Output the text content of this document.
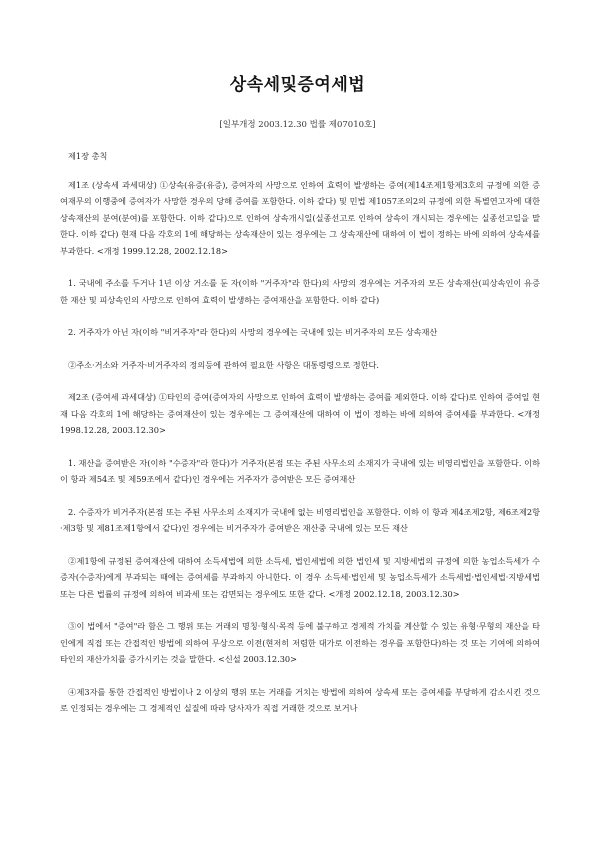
상속세및증여세법
[일부개정 2003.12.30 법률 제07010호]

제1장 총칙

제1조 (상속세 과세대상) ①상속(유증(유증), 증여자의 사망으로 인하여 효력이 발생하는 증여(제14조제1항제3호의 규정에 의한 증여재무의 이행중에 증여자가 사망한 경우의 당해 증여를 포함한다. 이하 같다) 및 민법 제1057조의2의 규정에 의한 특별연고자에 대한 상속재산의 분여(분여)를 포함한다. 이하 같다)으로 인하여 상속개시일(실종선고로 인하여 상속이 개시되는 경우에는 실종선고일을 말한다. 이하 같다) 현재 다음 각호의 1에 해당하는 상속재산이 있는 경우에는 그 상속재산에 대하여 이 법이 정하는 바에 의하여 상속세를 부과한다. <개정 1999.12.28, 2002.12.18>

1. 국내에 주소를 두거나 1년 이상 거소를 둔 자(이하 "거주자"라 한다)의 사망의 경우에는 거주자의 모든 상속재산(피상속인이 유증한 재산 및 피상속인의 사망으로 인하여 효력이 발생하는 증여재산을 포함한다. 이하 같다)

2. 거주자가 아닌 자(이하 "비거주자"라 한다)의 사망의 경우에는 국내에 있는 비거주자의 모든 상속재산

②주소·거소와 거주자·비거주자의 정의등에 관하여 필요한 사항은 대통령령으로 정한다.

제2조 (증여세 과세대상) ①타인의 증여(증여자의 사망으로 인하여 효력이 발생하는 증여를 제외한다. 이하 같다)로 인하여 증여일 현재 다음 각호의 1에 해당하는 증여재산이 있는 경우에는 그 증여재산에 대하여 이 법이 정하는 바에 의하여 증여세를 부과한다. <개정 1998.12.28, 2003.12.30>

1. 재산을 증여받은 자(이하 "수증자"라 한다)가 거주자(본점 또는 주된 사무소의 소재지가 국내에 있는 비영리법인을 포함한다. 이하 이 항과 제54조 및 제59조에서 같다)인 경우에는 거주자가 증여받은 모든 증여재산

2. 수증자가 비거주자(본점 또는 주된 사무소의 소재지가 국내에 없는 비영리법인을 포함한다. 이하 이 항과 제4조제2항, 제6조제2항·제3항 및 제81조제1항에서 같다)인 경우에는 비거주자가 증여받은 재산중 국내에 있는 모든 재산

②제1항에 규정된 증여재산에 대하여 소득세법에 의한 소득세, 법인세법에 의한 법인세 및 지방세법의 규정에 의한 농업소득세가 수증자(수증자)에게 부과되는 때에는 증여세를 부과하지 아니한다. 이 경우 소득세·법인세 및 농업소득세가 소득세법·법인세법·지방세법 또는 다른 법률의 규정에 의하여 비과세 또는 감면되는 경우에도 또한 같다. <개정 2002.12.18, 2003.12.30>

③이 법에서 "증여"라 함은 그 행위 또는 거래의 명칭·형식·목적 등에 불구하고 경제적 가치를 계산할 수 있는 유형·무형의 재산을 타인에게 직접 또는 간접적인 방법에 의하여 무상으로 이전(현저히 저렴한 대가로 이전하는 경우를 포함한다)하는 것 또는 기여에 의하여 타인의 재산가치를 증가시키는 것을 말한다. <신설 2003.12.30>

④제3자를 통한 간접적인 방법이나 2 이상의 행위 또는 거래를 거치는 방법에 의하여 상속세 또는 증여세를 부당하게 감소시킨 것으로 인정되는 경우에는 그 경제적인 실질에 따라 당사자가 직접 거래한 것으로 보거나
